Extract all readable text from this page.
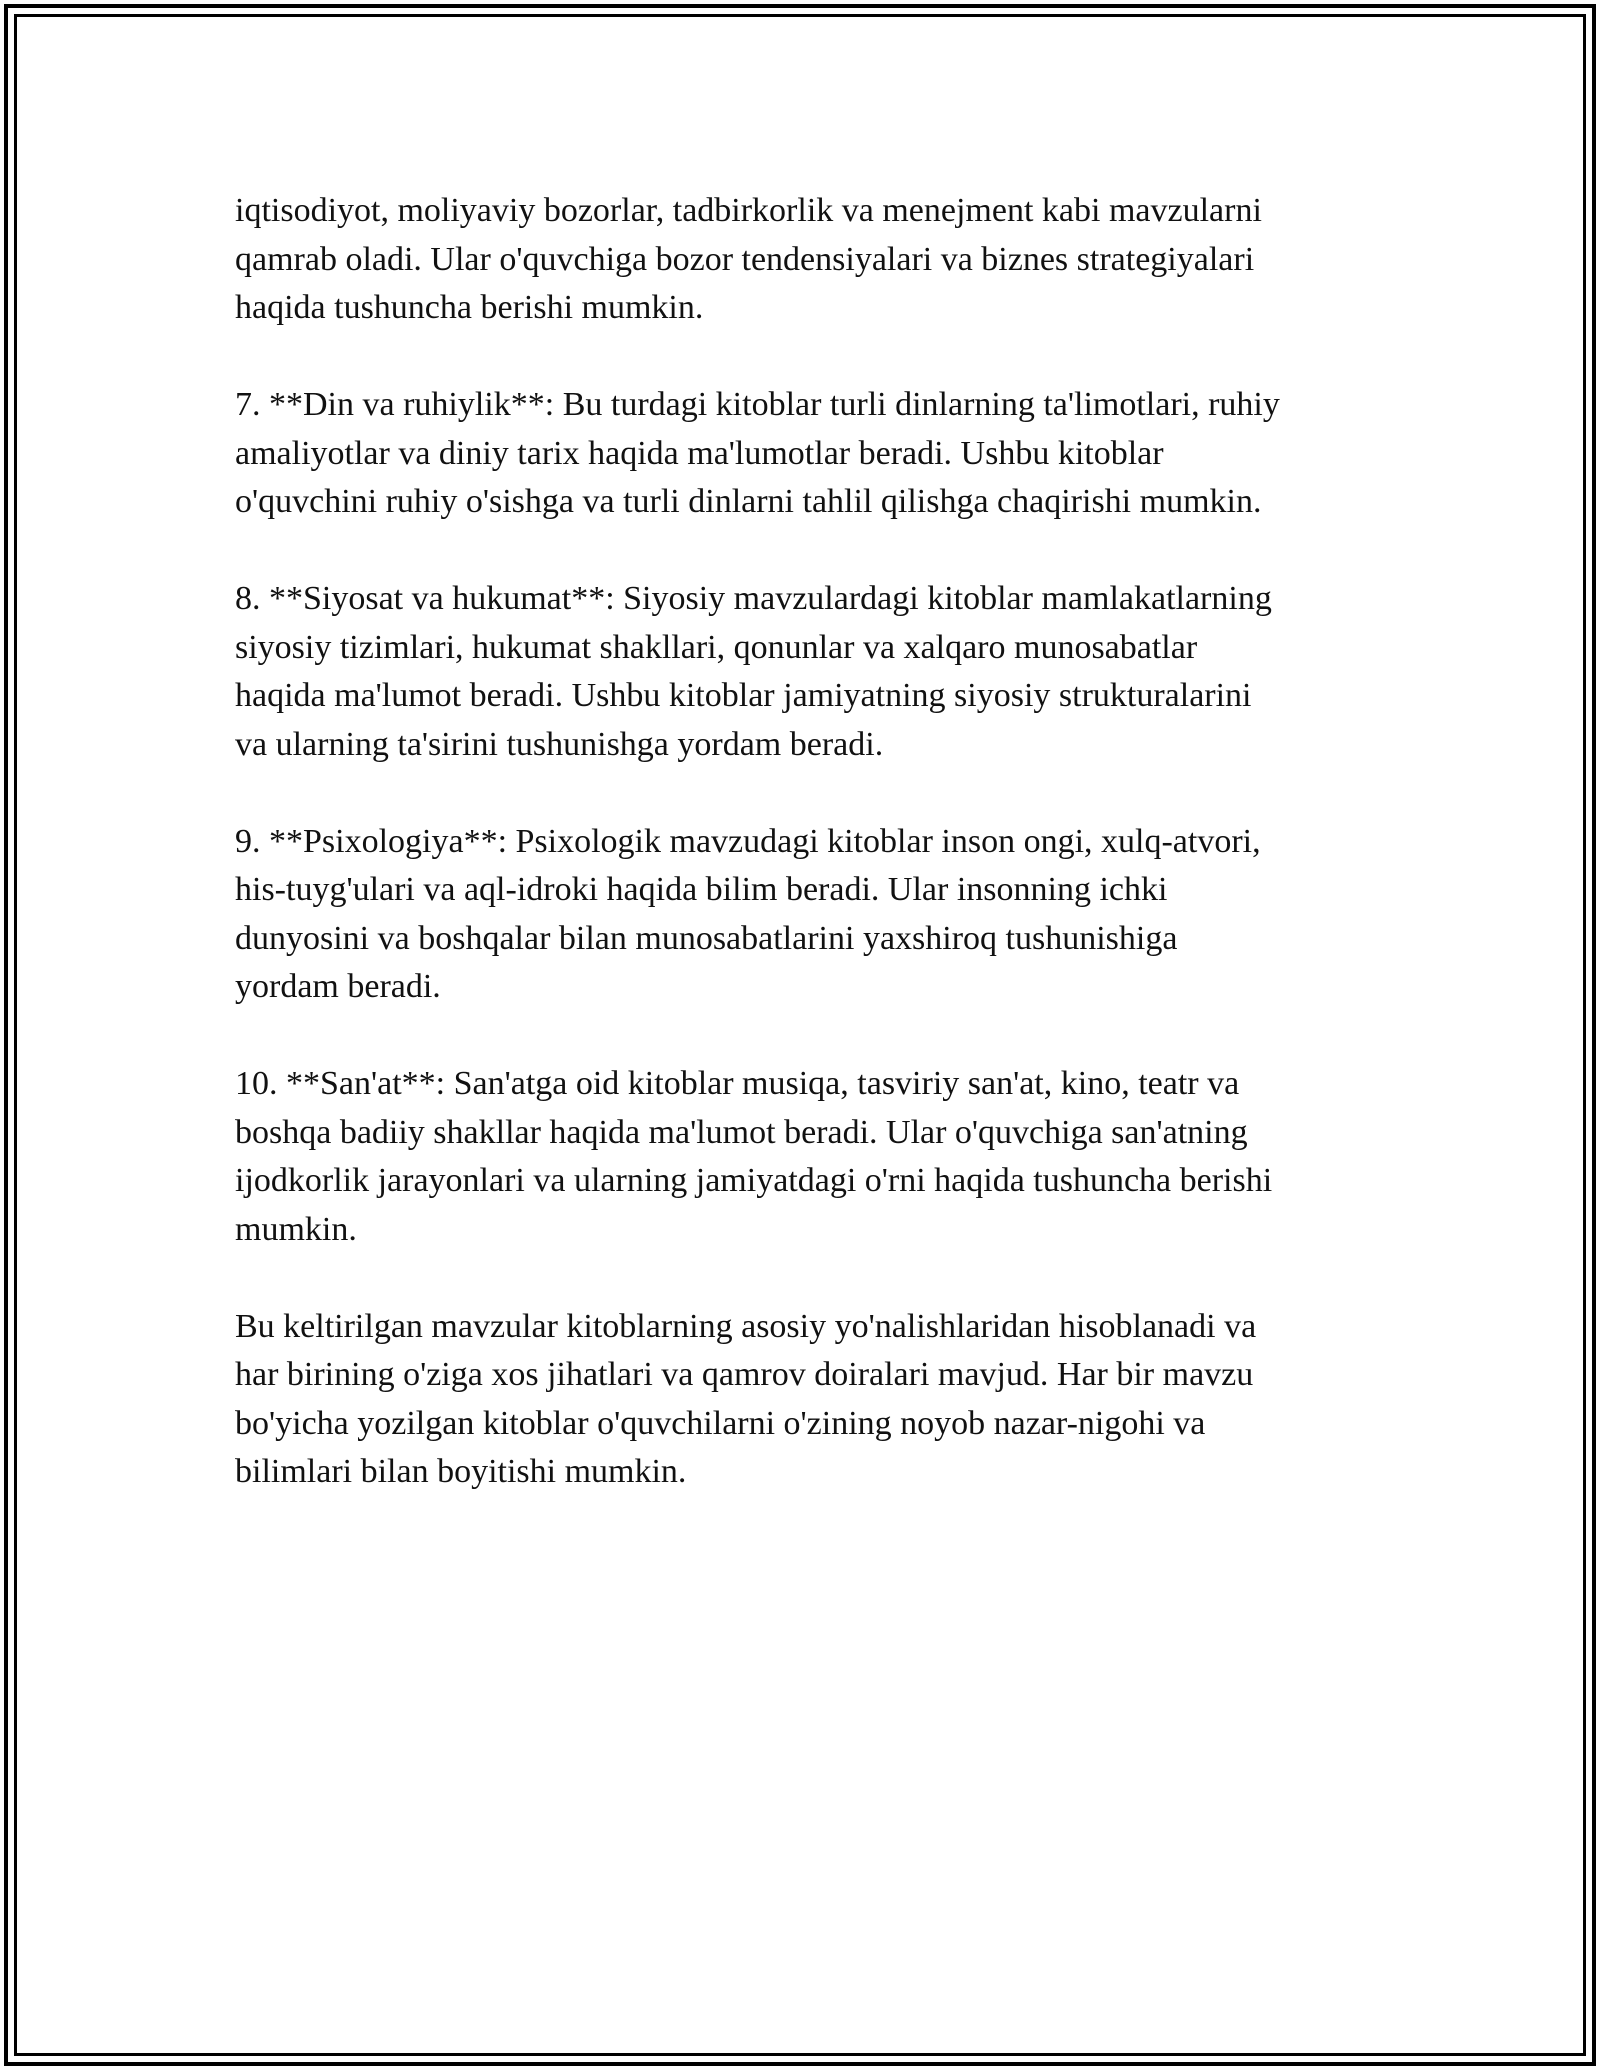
iqtisodiyot, moliyaviy bozorlar, tadbirkorlik va menejment kabi mavzularni
qamrab oladi. Ular o'quvchiga bozor tendensiyalari va biznes strategiyalari
haqida tushuncha berishi mumkin.

7. **Din va ruhiylik**: Bu turdagi kitoblar turli dinlarning ta'limotlari, ruhiy
amaliyotlar va diniy tarix haqida ma'lumotlar beradi. Ushbu kitoblar
o'quvchini ruhiy o'sishga va turli dinlarni tahlil qilishga chaqirishi mumkin.

8. **Siyosat va hukumat**: Siyosiy mavzulardagi kitoblar mamlakatlarning
siyosiy tizimlari, hukumat shakllari, qonunlar va xalqaro munosabatlar
haqida ma'lumot beradi. Ushbu kitoblar jamiyatning siyosiy strukturalarini
va ularning ta'sirini tushunishga yordam beradi.

9. **Psixologiya**: Psixologik mavzudagi kitoblar inson ongi, xulq-atvori,
his-tuyg'ulari va aql-idroki haqida bilim beradi. Ular insonning ichki
dunyosini va boshqalar bilan munosabatlarini yaxshiroq tushunishiga
yordam beradi.

10. **San'at**: San'atga oid kitoblar musiqa, tasviriy san'at, kino, teatr va
boshqa badiiy shakllar haqida ma'lumot beradi. Ular o'quvchiga san'atning
ijodkorlik jarayonlari va ularning jamiyatdagi o'rni haqida tushuncha berishi
mumkin.

Bu keltirilgan mavzular kitoblarning asosiy yo'nalishlaridan hisoblanadi va
har birining o'ziga xos jihatlari va qamrov doiralari mavjud. Har bir mavzu
bo'yicha yozilgan kitoblar o'quvchilarni o'zining noyob nazar-nigohi va
bilimlari bilan boyitishi mumkin.
